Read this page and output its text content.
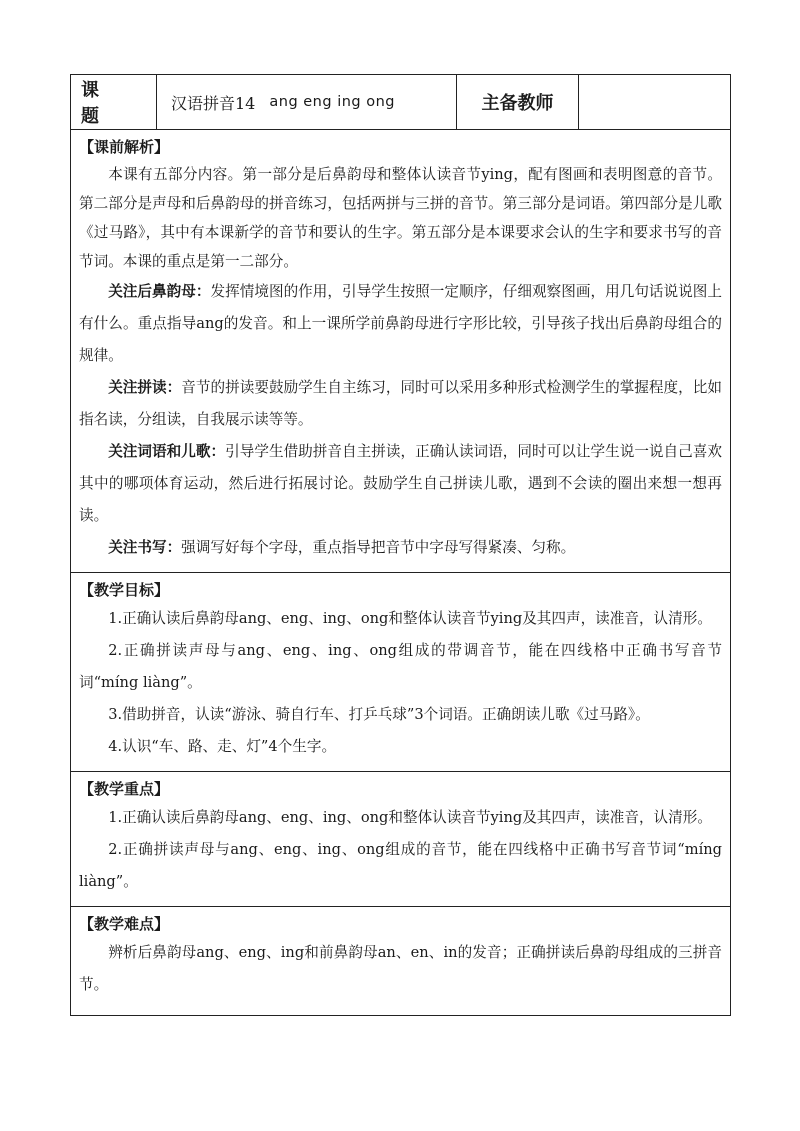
课 题
汉语拼音14 ang eng ing ong	主备教师
【课前解析】

本课有五部分内容。第一部分是后鼻韵母和整体认读音节ying，配有图画和表明图意的音节。第二部分是声母和后鼻韵母的拼音练习，包括两拼与三拼的音节。第三部分是词语。第四部分是儿歌《过马路》，其中有本课新学的音节和要认的生字。第五部分是本课要求会认的生字和要求书写的音节词。本课的重点是第一二部分。

关注后鼻韵母：发挥情境图的作用，引导学生按照一定顺序，仔细观察图画，用几句话说说图上有什么。重点指导ang的发音。和上一课所学前鼻韵母进行字形比较，引导孩子找出后鼻韵母组合的规律。

关注拼读：音节的拼读要鼓励学生自主练习，同时可以采用多种形式检测学生的掌握程度，比如指名读，分组读，自我展示读等等。

关注词语和儿歌：引导学生借助拼音自主拼读，正确认读词语，同时可以让学生说一说自己喜欢其中的哪项体育运动，然后进行拓展讨论。鼓励学生自己拼读儿歌，遇到不会读的圈出来想一想再读。

关注书写：强调写好每个字母，重点指导把音节中字母写得紧凑、匀称。

【教学目标】

1.正确认读后鼻韵母ang、eng、ing、ong和整体认读音节ying及其四声，读准音，认清形。

2.正确拼读声母与ang、eng、ing、ong组成的带调音节，能在四线格中正确书写音节词“míng liàng”。

3.借助拼音，认读“游泳、骑自行车、打乒乓球”3个词语。正确朗读儿歌《过马路》。

4.认识“车、路、走、灯”4个生字。

【教学重点】

1.正确认读后鼻韵母ang、eng、ing、ong和整体认读音节ying及其四声，读准音，认清形。

2.正确拼读声母与ang、eng、ing、ong组成的音节，能在四线格中正确书写音节词“míng liàng”。

【教学难点】

辨析后鼻韵母ang、eng、ing和前鼻韵母an、en、in的发音；正确拼读后鼻韵母组成的三拼音节。
